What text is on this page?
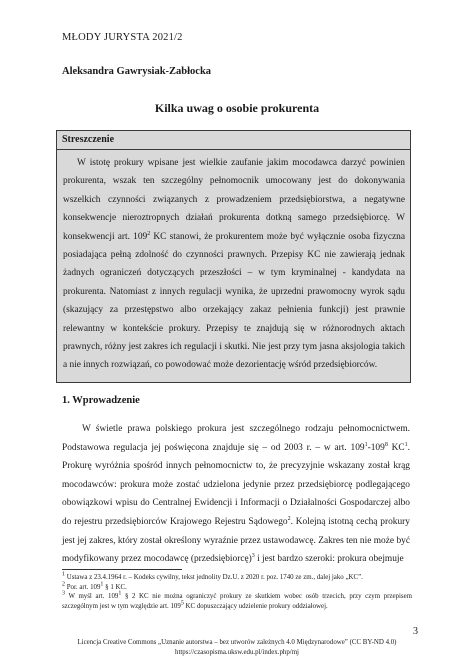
MŁODY JURYSTA 2021/2
Aleksandra Gawrysiak-Zabłocka
Kilka uwag o osobie prokurenta
Streszczenie
W istotę prokury wpisane jest wielkie zaufanie jakim mocodawca darzyć powinien prokurenta, wszak ten szczególny pełnomocnik umocowany jest do dokonywania wszelkich czynności związanych z prowadzeniem przedsiębiorstwa, a negatywne konsekwencje nieroztropnych działań prokurenta dotkną samego przedsiębiorcę. W konsekwencji art. $109^2$ KC stanowi, że prokurentem może być wyłącznie osoba fizyczna posiadająca pełną zdolność do czynności prawnych. Przepisy KC nie zawierają jednak żadnych ograniczeń dotyczących przeszłości – w tym kryminalnej - kandydata na prokurenta. Natomiast z innych regulacji wynika, że uprzedni prawomocny wyrok sądu (skazujący za przestępstwo albo orzekający zakaz pełnienia funkcji) jest prawnie relewantny w kontekście prokury. Przepisy te znajdują się w różnorodnych aktach prawnych, różny jest zakres ich regulacji i skutki. Nie jest przy tym jasna aksjologia takich a nie innych rozwiązań, co powodować może dezorientację wśród przedsiębiorców.
1. Wprowadzenie

W świetle prawa polskiego prokura jest szczególnego rodzaju pełnomocnictwem. Podstawowa regulacja jej poświęcona znajduje się – od 2003 r. – w art. $109^1-109^8$ $KC^1$. Prokurę wyróżnia spośród innych pełnomocnictw to, że precyzyjnie wskazany został krąg mocodawców: prokura może zostać udzielona jedynie przez przedsiębiorcę podlegającego obowiązkowi wpisu do Centralnej Ewidencji i Informacji o Działalności Gospodarczej albo do rejestru przedsiębiorców Krajowego Rejestru Sądowego$^2$. Kolejną istotną cechą prokury jest jej zakres, który został określony wyraźnie przez ustawodawcę. Zakres ten nie może być modyfikowany przez mocodawcę (przedsiębiorcę)$^3$ i jest bardzo szeroki: prokura obejmuje

$^1$ Ustawa z 23.4.1964 r. – Kodeks cywilny, tekst jednolity Dz.U. z 2020 r. poz. 1740 ze zm., dalej jako „KC”.
$^2$ Por. art. $109^1$ § 1 KC.
$^3$ W myśl art. $109^1$ § 2 KC nie można ograniczyć prokury ze skutkiem wobec osób trzecich, przy czym przepisem szczególnym jest w tym względzie art. $109^5$ KC dopuszczający udzielenie prokury oddziałowej.
3
Licencja Creative Commons „Uznanie autorstwa – bez utworów zależnych 4.0 Międzynarodowe” (CC BY-ND 4.0)
https://czasopisma.uksw.edu.pl/index.php/mj
